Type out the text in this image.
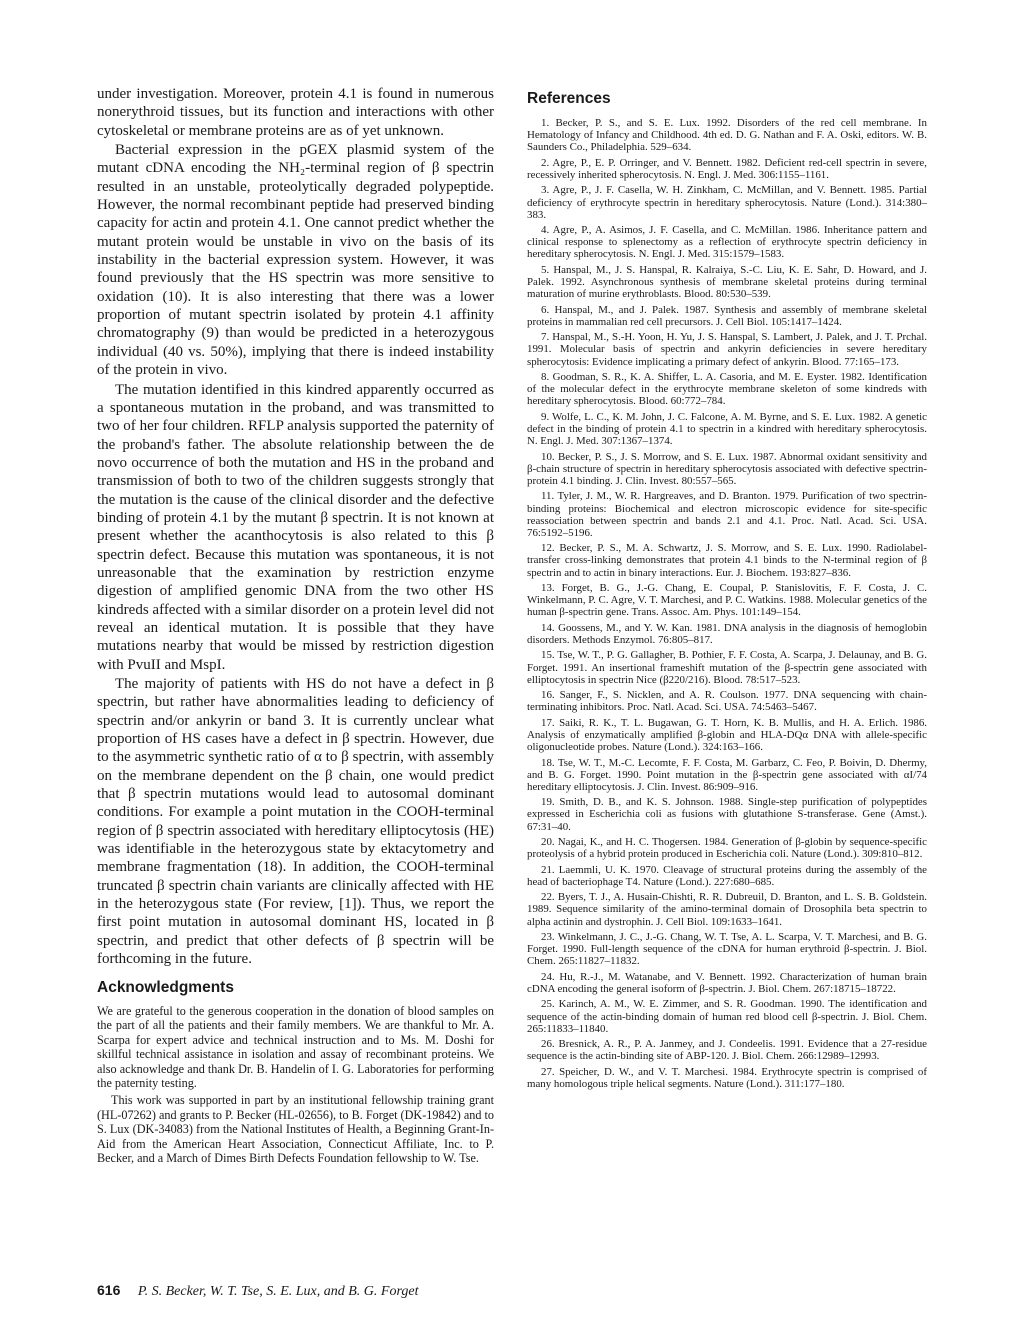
under investigation. Moreover, protein 4.1 is found in numerous nonerythroid tissues, but its function and interactions with other cytoskeletal or membrane proteins are as of yet unknown.

Bacterial expression in the pGEX plasmid system of the mutant cDNA encoding the NH₂-terminal region of β spectrin resulted in an unstable, proteolytically degraded polypeptide. However, the normal recombinant peptide had preserved binding capacity for actin and protein 4.1. One cannot predict whether the mutant protein would be unstable in vivo on the basis of its instability in the bacterial expression system. However, it was found previously that the HS spectrin was more sensitive to oxidation (10). It is also interesting that there was a lower proportion of mutant spectrin isolated by protein 4.1 affinity chromatography (9) than would be predicted in a heterozygous individual (40 vs. 50%), implying that there is indeed instability of the protein in vivo.

The mutation identified in this kindred apparently occurred as a spontaneous mutation in the proband, and was transmitted to two of her four children. RFLP analysis supported the paternity of the proband's father. The absolute relationship between the de novo occurrence of both the mutation and HS in the proband and transmission of both to two of the children suggests strongly that the mutation is the cause of the clinical disorder and the defective binding of protein 4.1 by the mutant β spectrin. It is not known at present whether the acanthocytosis is also related to this β spectrin defect. Because this mutation was spontaneous, it is not unreasonable that the examination by restriction enzyme digestion of amplified genomic DNA from the two other HS kindreds affected with a similar disorder on a protein level did not reveal an identical mutation. It is possible that they have mutations nearby that would be missed by restriction digestion with PvuII and MspI.

The majority of patients with HS do not have a defect in β spectrin, but rather have abnormalities leading to deficiency of spectrin and/or ankyrin or band 3. It is currently unclear what proportion of HS cases have a defect in β spectrin. However, due to the asymmetric synthetic ratio of α to β spectrin, with assembly on the membrane dependent on the β chain, one would predict that β spectrin mutations would lead to autosomal dominant conditions. For example a point mutation in the COOH-terminal region of β spectrin associated with hereditary elliptocytosis (HE) was identifiable in the heterozygous state by ektacytometry and membrane fragmentation (18). In addition, the COOH-terminal truncated β spectrin chain variants are clinically affected with HE in the heterozygous state (For review, [1]). Thus, we report the first point mutation in autosomal dominant HS, located in β spectrin, and predict that other defects of β spectrin will be forthcoming in the future.

Acknowledgments

We are grateful to the generous cooperation in the donation of blood samples on the part of all the patients and their family members. We are thankful to Mr. A. Scarpa for expert advice and technical instruction and to Ms. M. Doshi for skillful technical assistance in isolation and assay of recombinant proteins. We also acknowledge and thank Dr. B. Handelin of I. G. Laboratories for performing the paternity testing.

This work was supported in part by an institutional fellowship training grant (HL-07262) and grants to P. Becker (HL-02656), to B. Forget (DK-19842) and to S. Lux (DK-34083) from the National Institutes of Health, a Beginning Grant-In-Aid from the American Heart Association, Connecticut Affiliate, Inc. to P. Becker, and a March of Dimes Birth Defects Foundation fellowship to W. Tse.

References

1. Becker, P. S., and S. E. Lux. 1992. Disorders of the red cell membrane. In Hematology of Infancy and Childhood. 4th ed. D. G. Nathan and F. A. Oski, editors. W. B. Saunders Co., Philadelphia. 529–634.

2. Agre, P., E. P. Orringer, and V. Bennett. 1982. Deficient red-cell spectrin in severe, recessively inherited spherocytosis. N. Engl. J. Med. 306:1155–1161.

3. Agre, P., J. F. Casella, W. H. Zinkham, C. McMillan, and V. Bennett. 1985. Partial deficiency of erythrocyte spectrin in hereditary spherocytosis. Nature (Lond.). 314:380–383.

4. Agre, P., A. Asimos, J. F. Casella, and C. McMillan. 1986. Inheritance pattern and clinical response to splenectomy as a reflection of erythrocyte spectrin deficiency in hereditary spherocytosis. N. Engl. J. Med. 315:1579–1583.

5. Hanspal, M., J. S. Hanspal, R. Kalraiya, S.-C. Liu, K. E. Sahr, D. Howard, and J. Palek. 1992. Asynchronous synthesis of membrane skeletal proteins during terminal maturation of murine erythroblasts. Blood. 80:530–539.

6. Hanspal, M., and J. Palek. 1987. Synthesis and assembly of membrane skeletal proteins in mammalian red cell precursors. J. Cell Biol. 105:1417–1424.

7. Hanspal, M., S.-H. Yoon, H. Yu, J. S. Hanspal, S. Lambert, J. Palek, and J. T. Prchal. 1991. Molecular basis of spectrin and ankyrin deficiencies in severe hereditary spherocytosis: Evidence implicating a primary defect of ankyrin. Blood. 77:165–173.

8. Goodman, S. R., K. A. Shiffer, L. A. Casoria, and M. E. Eyster. 1982. Identification of the molecular defect in the erythrocyte membrane skeleton of some kindreds with hereditary spherocytosis. Blood. 60:772–784.

9. Wolfe, L. C., K. M. John, J. C. Falcone, A. M. Byrne, and S. E. Lux. 1982. A genetic defect in the binding of protein 4.1 to spectrin in a kindred with hereditary spherocytosis. N. Engl. J. Med. 307:1367–1374.

10. Becker, P. S., J. S. Morrow, and S. E. Lux. 1987. Abnormal oxidant sensitivity and β-chain structure of spectrin in hereditary spherocytosis associated with defective spectrin-protein 4.1 binding. J. Clin. Invest. 80:557–565.

11. Tyler, J. M., W. R. Hargreaves, and D. Branton. 1979. Purification of two spectrin-binding proteins: Biochemical and electron microscopic evidence for site-specific reassociation between spectrin and bands 2.1 and 4.1. Proc. Natl. Acad. Sci. USA. 76:5192–5196.

12. Becker, P. S., M. A. Schwartz, J. S. Morrow, and S. E. Lux. 1990. Radiolabel-transfer cross-linking demonstrates that protein 4.1 binds to the N-terminal region of β spectrin and to actin in binary interactions. Eur. J. Biochem. 193:827–836.

13. Forget, B. G., J.-G. Chang, E. Coupal, P. Stanislovitis, F. F. Costa, J. C. Winkelmann, P. C. Agre, V. T. Marchesi, and P. C. Watkins. 1988. Molecular genetics of the human β-spectrin gene. Trans. Assoc. Am. Phys. 101:149–154.

14. Goossens, M., and Y. W. Kan. 1981. DNA analysis in the diagnosis of hemoglobin disorders. Methods Enzymol. 76:805–817.

15. Tse, W. T., P. G. Gallagher, B. Pothier, F. F. Costa, A. Scarpa, J. Delaunay, and B. G. Forget. 1991. An insertional frameshift mutation of the β-spectrin gene associated with elliptocytosis in spectrin Nice (β220/216). Blood. 78:517–523.

16. Sanger, F., S. Nicklen, and A. R. Coulson. 1977. DNA sequencing with chain-terminating inhibitors. Proc. Natl. Acad. Sci. USA. 74:5463–5467.

17. Saiki, R. K., T. L. Bugawan, G. T. Horn, K. B. Mullis, and H. A. Erlich. 1986. Analysis of enzymatically amplified β-globin and HLA-DQα DNA with allele-specific oligonucleotide probes. Nature (Lond.). 324:163–166.

18. Tse, W. T., M.-C. Lecomte, F. F. Costa, M. Garbarz, C. Feo, P. Boivin, D. Dhermy, and B. G. Forget. 1990. Point mutation in the β-spectrin gene associated with αI/74 hereditary elliptocytosis. J. Clin. Invest. 86:909–916.

19. Smith, D. B., and K. S. Johnson. 1988. Single-step purification of polypeptides expressed in Escherichia coli as fusions with glutathione S-transferase. Gene (Amst.). 67:31–40.

20. Nagai, K., and H. C. Thogersen. 1984. Generation of β-globin by sequence-specific proteolysis of a hybrid protein produced in Escherichia coli. Nature (Lond.). 309:810–812.

21. Laemmli, U. K. 1970. Cleavage of structural proteins during the assembly of the head of bacteriophage T4. Nature (Lond.). 227:680–685.

22. Byers, T. J., A. Husain-Chishti, R. R. Dubreuil, D. Branton, and L. S. B. Goldstein. 1989. Sequence similarity of the amino-terminal domain of Drosophila beta spectrin to alpha actinin and dystrophin. J. Cell Biol. 109:1633–1641.

23. Winkelmann, J. C., J.-G. Chang, W. T. Tse, A. L. Scarpa, V. T. Marchesi, and B. G. Forget. 1990. Full-length sequence of the cDNA for human erythroid β-spectrin. J. Biol. Chem. 265:11827–11832.

24. Hu, R.-J., M. Watanabe, and V. Bennett. 1992. Characterization of human brain cDNA encoding the general isoform of β-spectrin. J. Biol. Chem. 267:18715–18722.

25. Karinch, A. M., W. E. Zimmer, and S. R. Goodman. 1990. The identification and sequence of the actin-binding domain of human red blood cell β-spectrin. J. Biol. Chem. 265:11833–11840.

26. Bresnick, A. R., P. A. Janmey, and J. Condeelis. 1991. Evidence that a 27-residue sequence is the actin-binding site of ABP-120. J. Biol. Chem. 266:12989–12993.

27. Speicher, D. W., and V. T. Marchesi. 1984. Erythrocyte spectrin is comprised of many homologous triple helical segments. Nature (Lond.). 311:177–180.

616 P. S. Becker, W. T. Tse, S. E. Lux, and B. G. Forget
